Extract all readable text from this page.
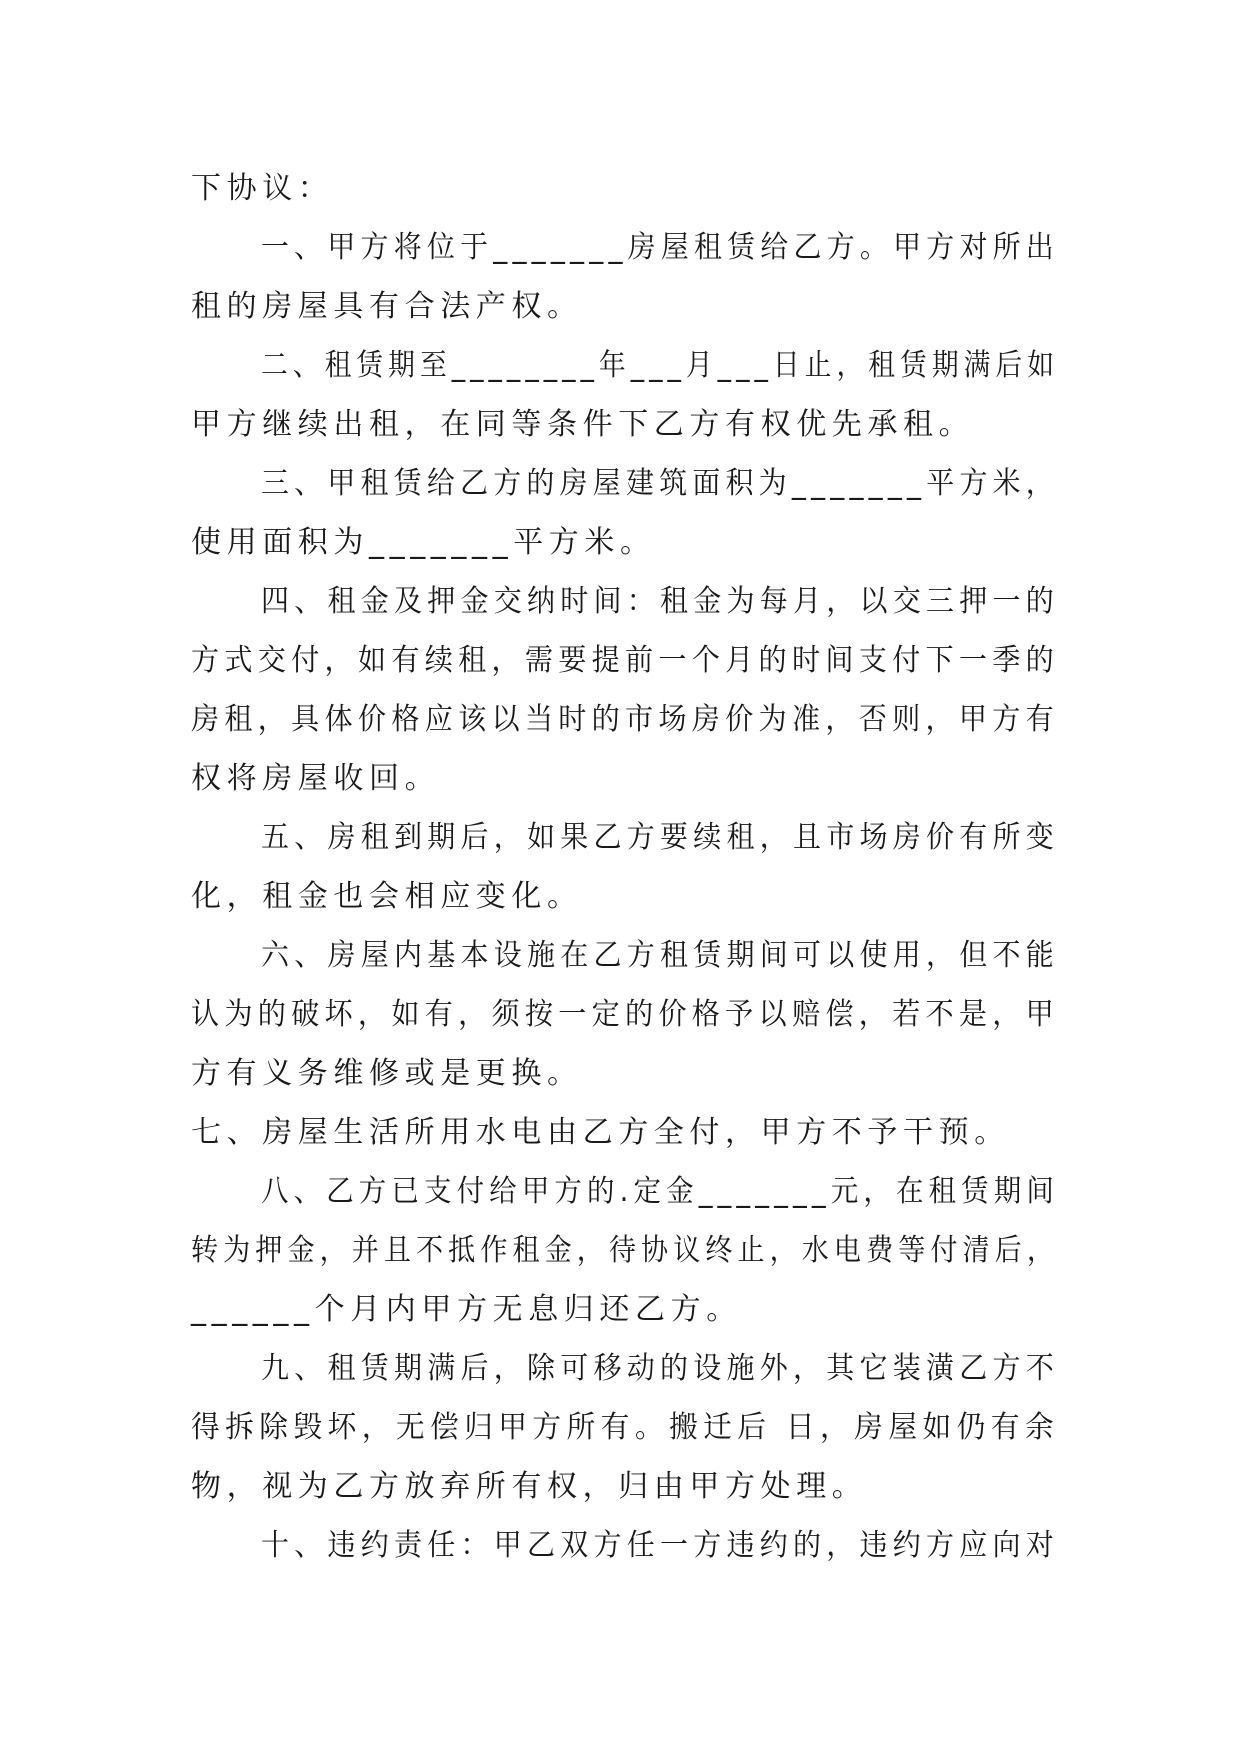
下协议：
一、甲方将位于_______房屋租赁给乙方。甲方对所出
租的房屋具有合法产权。
二、租赁期至________年___月___日止，租赁期满后如
甲方继续出租，在同等条件下乙方有权优先承租。
三、甲租赁给乙方的房屋建筑面积为_______平方米，
使用面积为_______平方米。
四、租金及押金交纳时间：租金为每月，以交三押一的
方式交付，如有续租，需要提前一个月的时间支付下一季的
房租，具体价格应该以当时的市场房价为准，否则，甲方有
权将房屋收回。
五、房租到期后，如果乙方要续租，且市场房价有所变
化，租金也会相应变化。
六、房屋内基本设施在乙方租赁期间可以使用，但不能
认为的破坏，如有，须按一定的价格予以赔偿，若不是，甲
方有义务维修或是更换。
七、房屋生活所用水电由乙方全付，甲方不予干预。
八、乙方已支付给甲方的.定金_______元，在租赁期间
转为押金，并且不抵作租金，待协议终止，水电费等付清后，
______个月内甲方无息归还乙方。
九、租赁期满后，除可移动的设施外，其它装潢乙方不
得拆除毁坏，无偿归甲方所有。搬迁后 日，房屋如仍有余
物，视为乙方放弃所有权，归由甲方处理。
十、违约责任：甲乙双方任一方违约的，违约方应向对
